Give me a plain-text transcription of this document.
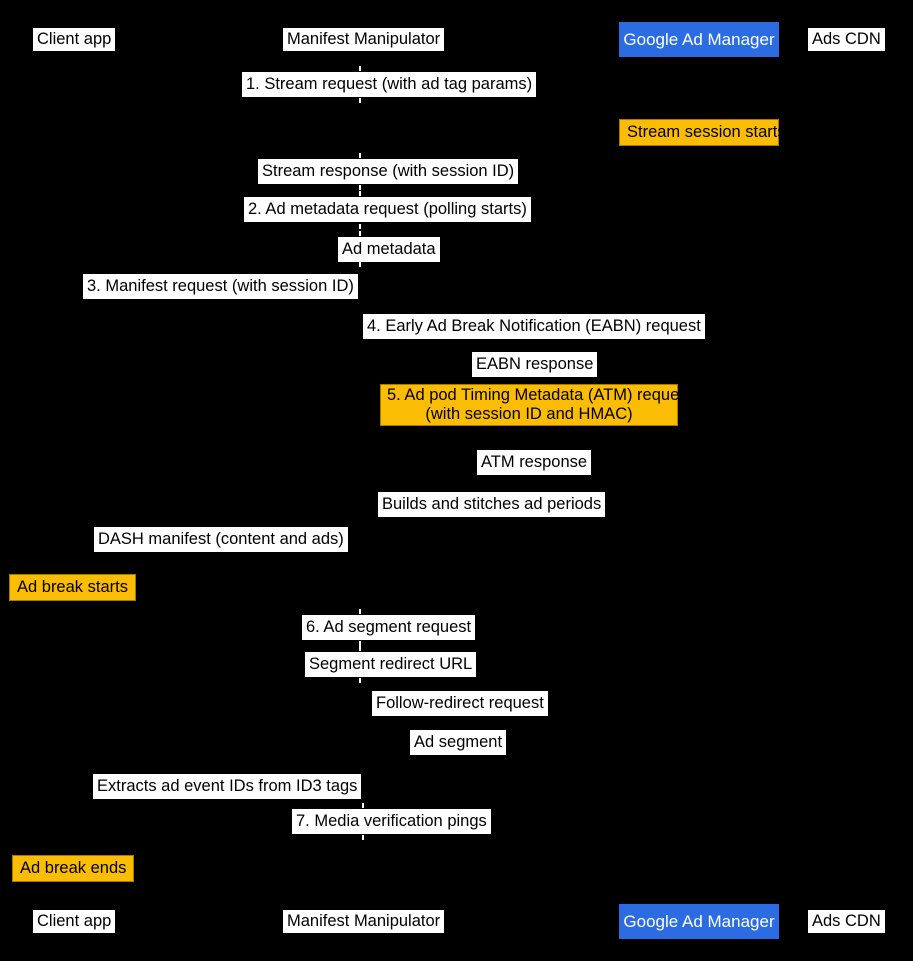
Client app	Manifest Manipulator	Google Ad Manager Ads CDN
1. Stream request (with ad tag params)
Stream response (with session ID)
2. Ad metadata request (polling starts)
Ad metadata
3. Manifest request (with session ID)
4. Early Ad Break Notification (EABN) request
EABN response
ATM response
Builds and stitches ad periods
DASH manifest (content and ads)
6. Ad segment request
Segment redirect URL
Follow-redirect request
Ad segment
Extracts ad event IDs from ID3 tags
7. Media verification pings
Stream session starts
5. Ad pod Timing Metadata (ATM) request
(with session ID and HMAC)
Ad break starts
Ad break ends
Client app	Manifest Manipulator	Google Ad Manager Ads CDN
